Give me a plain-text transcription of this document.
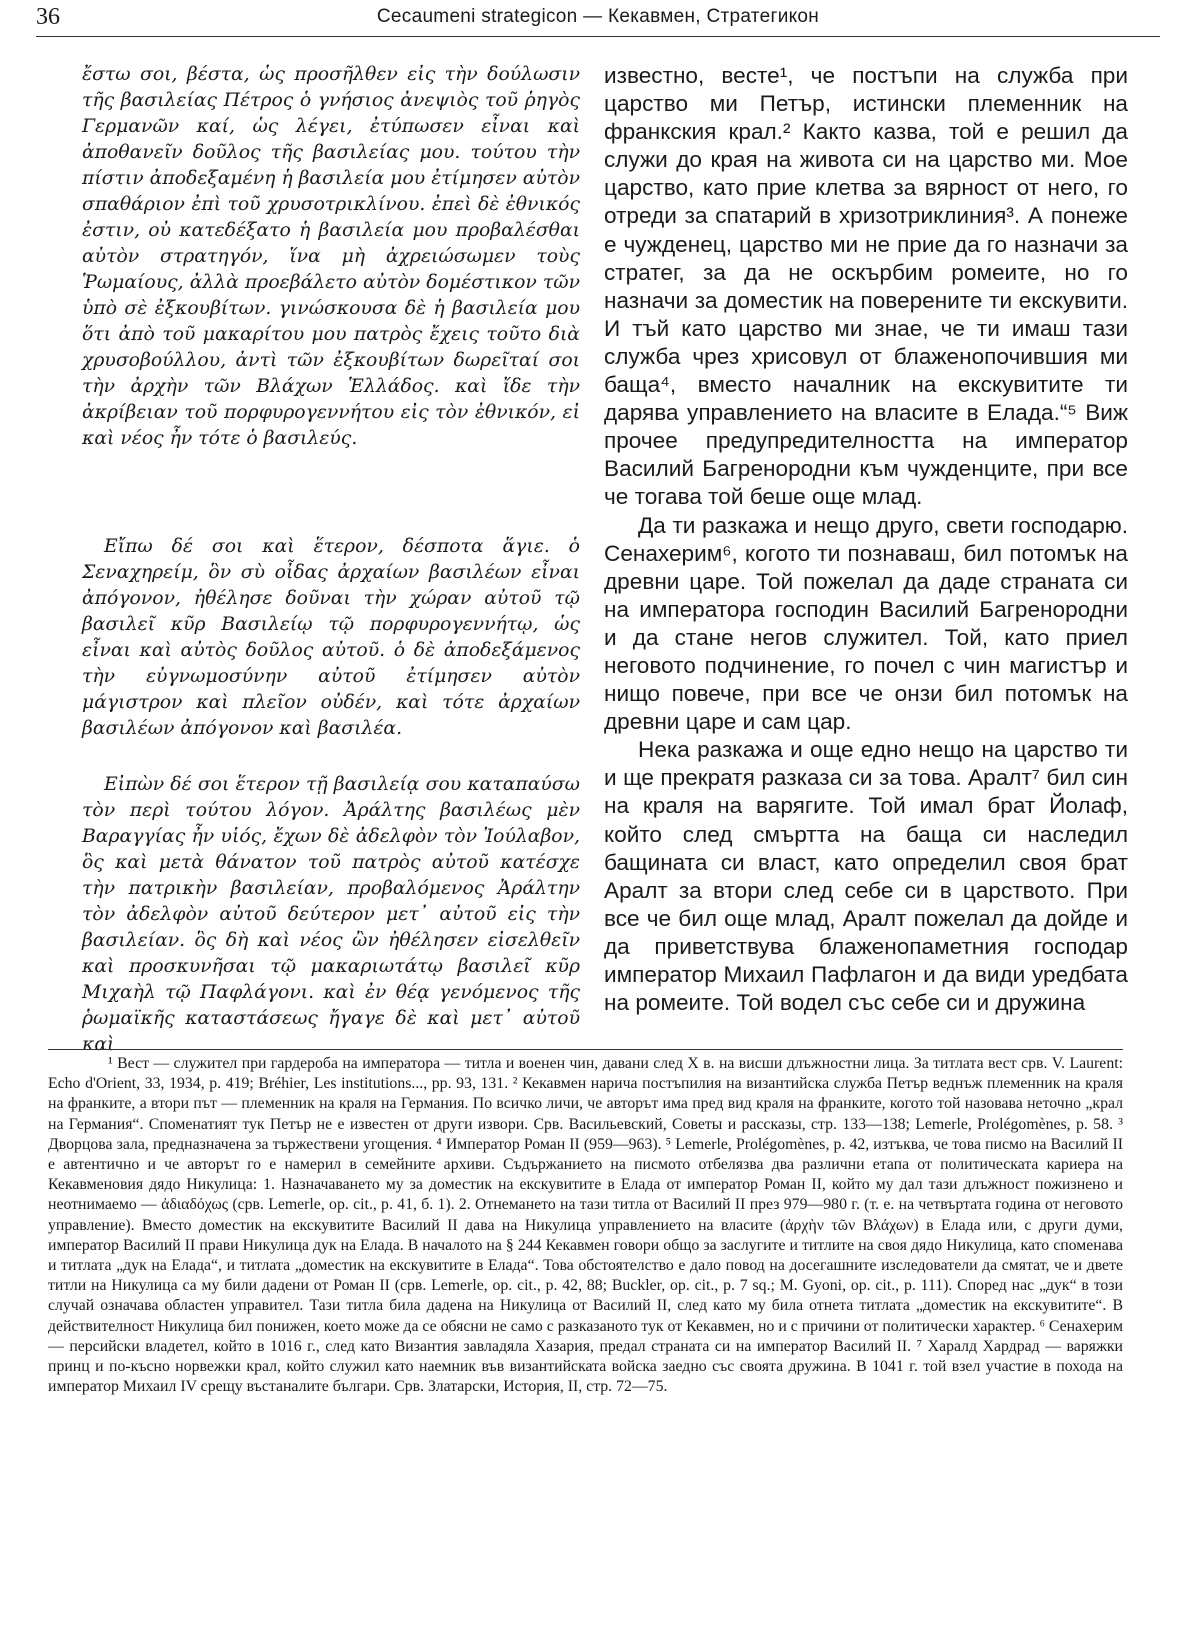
36	Cecaumeni strategicon — Кекавмен, Стратегикон

ἔστω σοι, βέστα, ὡς προσῆλθεν εἰς τὴν δούλωσιν τῆς βασιλείας Πέτρος ὁ γνήσιος ἀνεψιὸς τοῦ ῥηγὸς Γερμανῶν καί, ὡς λέγει, ἐτύπωσεν εἶναι καὶ ἀποθανεῖν δοῦλος τῆς βασιλείας μου. τούτου τὴν πίστιν ἀποδεξαμένη ἡ βασιλεία μου ἐτίμησεν αὐτὸν σπαθάριον ἐπὶ τοῦ χρυσοτρικλίνου. ἐπεὶ δὲ ἐθνικός ἐστιν, οὐ κατεδέξατο ἡ βασιλεία μου προβαλέσθαι αὐτὸν στρατηγόν, ἵνα μὴ ἀχρειώσωμεν τοὺς Ῥωμαίους, ἀλλὰ προεβάλετο αὐτὸν δομέστικον τῶν ὑπὸ σὲ ἐξκουβίτων. γινώσκουσα δὲ ἡ βασιλεία μου ὅτι ἀπὸ τοῦ μακαρίτου μου πατρὸς ἔχεις τοῦτο διὰ χρυσοβούλλου, ἀντὶ τῶν ἐξκουβίτων δωρεῖταί σοι τὴν ἀρχὴν τῶν Βλάχων Ἑλλάδος. καὶ ἴδε τὴν ἀκρίβειαν τοῦ πορφυρογεννήτου εἰς τὸν ἐθνικόν, εἰ καὶ νέος ἦν τότε ὁ βασιλεύς.

Εἴπω δέ σοι καὶ ἕτερον, δέσποτα ἅγιε. ὁ Σεναχηρείμ, ὃν σὺ οἶδας ἀρχαίων βασιλέων εἶναι ἀπόγονον, ἠθέλησε δοῦναι τὴν χώραν αὐτοῦ τῷ βασιλεῖ κῦρ Βασιλείῳ τῷ πορφυρογεννήτῳ, ὡς εἶναι καὶ αὐτὸς δοῦλος αὐτοῦ. ὁ δὲ ἀποδεξάμενος τὴν εὐγνωμοσύνην αὐτοῦ ἐτίμησεν αὐτὸν μάγιστρον καὶ πλεῖον οὐδέν, καὶ τότε ἀρχαίων βασιλέων ἀπόγονον καὶ βασιλέα.

Εἰπὼν δέ σοι ἕτερον τῇ βασιλείᾳ σου καταπαύσω τὸν περὶ τούτου λόγον. Ἀράλτης βασιλέως μὲν Βαραγγίας ἦν υἱός, ἔχων δὲ ἀδελφὸν τὸν Ἰούλαβον, ὃς καὶ μετὰ θάνατον τοῦ πατρὸς αὐτοῦ κατέσχε τὴν πατρικὴν βασιλείαν, προβαλόμενος Ἀράλτην τὸν ἀδελφὸν αὐτοῦ δεύτερον μετ᾽ αὐτοῦ εἰς τὴν βασιλείαν. ὃς δὴ καὶ νέος ὢν ἠθέλησεν εἰσελθεῖν καὶ προσκυνῆσαι τῷ μακαριωτάτῳ βασιλεῖ κῦρ Μιχαὴλ τῷ Παφλάγονι. καὶ ἐν θέᾳ γενόμενος τῆς ῥωμαϊκῆς καταστάσεως ἤγαγε δὲ καὶ μετ᾽ αὐτοῦ καὶ

известно, весте¹, че постъпи на служба при царство ми Петър, истински племенник на франкския крал.² Както казва, той е решил да служи до края на живота си на царство ми. Мое царство, като прие клетва за вярност от него, го отреди за спатарий в хризотриклиния³. А понеже е чужденец, царство ми не прие да го назначи за стратег, за да не оскърбим ромеите, но го назначи за доместик на поверените ти екскувити. И тъй като царство ми знае, че ти имаш тази служба чрез хрисовул от блаженопочившия ми баща⁴, вместо началник на екскувитите ти дарява управлението на власите в Елада.“⁵ Виж прочее предупредителността на император Василий Багренородни към чужденците, при все че тогава той беше още млад.

Да ти разкажа и нещо друго, свети господарю. Сенахерим⁶, когото ти познаваш, бил потомък на древни царе. Той пожелал да даде страната си на императора господин Василий Багренородни и да стане негов служител. Той, като приел неговото подчинение, го почел с чин магистър и нищо повече, при все че онзи бил потомък на древни царе и сам цар.

Нека разкажа и още едно нещо на царство ти и ще прекратя разказа си за това. Аралт⁷ бил син на краля на варягите. Той имал брат Йолаф, който след смъртта на баща си наследил бащината си власт, като определил своя брат Аралт за втори след себе си в царството. При все че бил още млад, Аралт пожелал да дойде и да приветствува блаженопаметния господар император Михаил Пафлагон и да види уредбата на ромеите. Той водел със себе си и дружина

¹ Вест — служител при гардероба на императора — титла и военен чин, давани след X в. на висши длъжностни лица. За титлата вест срв. V. Laurent: Echo d'Orient, 33, 1934, p. 419; Bréhier, Les institutions..., pp. 93, 131. ² Кекавмен нарича постъпилия на византийска служба Петър веднъж племенник на краля на франките, а втори път — племенник на краля на Германия. По всичко личи, че авторът има пред вид краля на франките, когото той назовава неточно „крал на Германия“. Споменатият тук Петър не е известен от други извори. Срв. Васильевский, Советы и рассказы, стр. 133—138; Lemerle, Prolégomènes, p. 58. ³ Дворцова зала, предназначена за тържествени угощения. ⁴ Император Роман II (959—963). ⁵ Lemerle, Prolégomènes, p. 42, изтъква, че това писмо на Василий II е автентично и че авторът го е намерил в семейните архиви. Съдържанието на писмото отбелязва два различни етапа от политическата кариера на Кекавменовия дядо Никулица: 1. Назначаването му за доместик на екскувитите в Елада от император Роман II, който му дал тази длъжност пожизнено и неотнимаемо — ἀδιαδόχως (срв. Lemerle, op. cit., p. 41, б. 1). 2. Отнемането на тази титла от Василий II през 979—980 г. (т. е. на четвъртата година от неговото управление). Вместо доместик на екскувитите Василий II дава на Никулица управлението на власите (ἀρχὴν τῶν Βλάχων) в Елада или, с други думи, император Василий II прави Никулица дук на Елада. В началото на § 244 Кекавмен говори общо за заслугите и титлите на своя дядо Никулица, като споменава и титлата „дук на Елада“, и титлата „доместик на екскувитите в Елада“. Това обстоятелство е дало повод на досегашните изследователи да смятат, че и двете титли на Никулица са му били дадени от Роман II (срв. Lemerle, op. cit., p. 42, 88; Buckler, op. cit., p. 7 sq.; M. Gyoni, op. cit., p. 111). Според нас „дук“ в този случай означава областен управител. Тази титла била дадена на Никулица от Василий II, след като му била отнета титлата „доместик на екскувитите“. В действителност Никулица бил понижен, което може да се обясни не само с разказаното тук от Кекавмен, но и с причини от политически характер. ⁶ Сенахерим — персийски владетел, който в 1016 г., след като Византия завладяла Хазария, предал страната си на император Василий II. ⁷ Харалд Хардрад — варяжки принц и по-късно норвежки крал, който служил като наемник във византийската войска заедно със своята дружина. В 1041 г. той взел участие в похода на император Михаил IV срещу въстаналите българи. Срв. Златарски, История, II, стр. 72—75.
